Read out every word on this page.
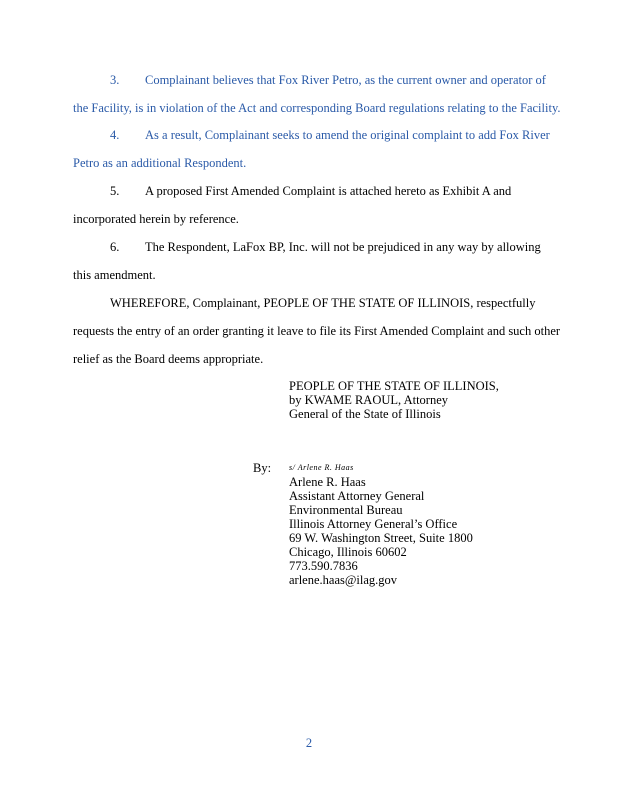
3. Complainant believes that Fox River Petro, as the current owner and operator of
the Facility, is in violation of the Act and corresponding Board regulations relating to the Facility.
4. As a result, Complainant seeks to amend the original complaint to add Fox River
Petro as an additional Respondent.
5. A proposed First Amended Complaint is attached hereto as Exhibit A and
incorporated herein by reference.
6. The Respondent, LaFox BP, Inc. will not be prejudiced in any way by allowing
this amendment.
WHEREFORE, Complainant, PEOPLE OF THE STATE OF ILLINOIS, respectfully
requests the entry of an order granting it leave to file its First Amended Complaint and such other
relief as the Board deems appropriate.
PEOPLE OF THE STATE OF ILLINOIS,
by KWAME RAOUL, Attorney
General of the State of Illinois
By: s/ Arlene R. Haas
Arlene R. Haas
Assistant Attorney General
Environmental Bureau
Illinois Attorney General’s Office
69 W. Washington Street, Suite 1800
Chicago, Illinois 60602
773.590.7836
arlene.haas@ilag.gov
2
